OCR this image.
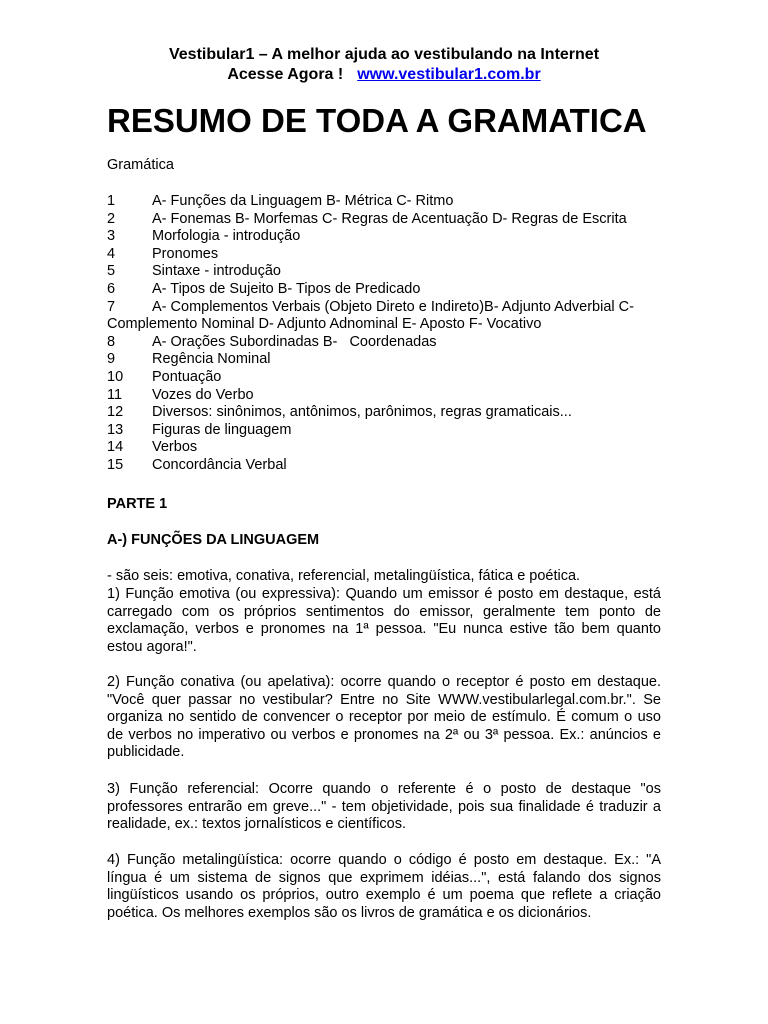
Vestibular1 – A melhor ajuda ao vestibulando na Internet
Acesse Agora ! www.vestibular1.com.br
RESUMO DE TODA A GRAMATICA
Gramática
1	A- Funções da Linguagem B- Métrica C- Ritmo
2	A- Fonemas B- Morfemas C- Regras de Acentuação D- Regras de Escrita
3	Morfologia - introdução
4	Pronomes
5	Sintaxe - introdução
6	A- Tipos de Sujeito B- Tipos de Predicado
7	A- Complementos Verbais (Objeto Direto e Indireto)B- Adjunto Adverbial C-
Complemento Nominal D- Adjunto Adnominal E- Aposto F- Vocativo
8	A- Orações Subordinadas B-   Coordenadas
9	Regência Nominal
10 Pontuação
11 Vozes do Verbo
12 Diversos: sinônimos, antônimos, parônimos, regras gramaticais...
13 Figuras de linguagem
14 Verbos
15 Concordância Verbal
PARTE 1
A-) FUNÇÕES DA LINGUAGEM
- são seis: emotiva, conativa, referencial, metalingüística, fática e poética.
1) Função emotiva (ou expressiva): Quando um emissor é posto em destaque, está carregado com os próprios sentimentos do emissor, geralmente tem ponto de exclamação, verbos e pronomes na 1ª pessoa. "Eu nunca estive tão bem quanto estou agora!".
2) Função conativa (ou apelativa): ocorre quando o receptor é posto em destaque. "Você quer passar no vestibular? Entre no Site WWW.vestibularlegal.com.br.". Se organiza no sentido de convencer o receptor por meio de estímulo. É comum o uso de verbos no imperativo ou verbos e pronomes na 2ª ou 3ª pessoa. Ex.: anúncios e publicidade.
3) Função referencial: Ocorre quando o referente é o posto de destaque "os professores entrarão em greve..." - tem objetividade, pois sua finalidade é traduzir a realidade, ex.: textos jornalísticos e científicos.
4) Função metalingüística: ocorre quando o código é posto em destaque. Ex.: "A língua é um sistema de signos que exprimem idéias...", está falando dos signos lingüísticos usando os próprios, outro exemplo é um poema que reflete a criação poética. Os melhores exemplos são os livros de gramática e os dicionários.
